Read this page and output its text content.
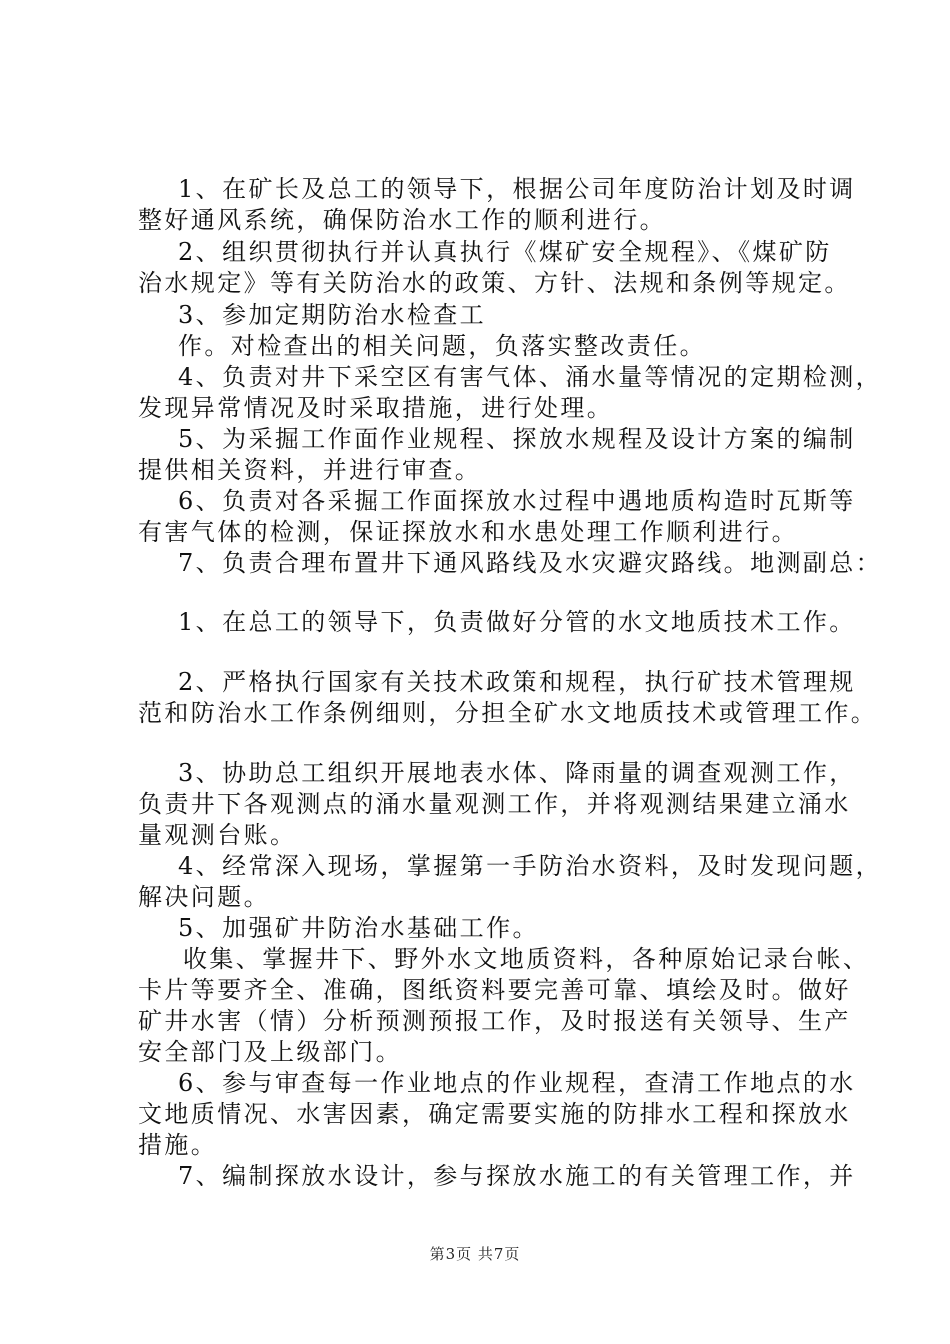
1、在矿长及总工的领导下，根据公司年度防治计划及时调
整好通风系统，确保防治水工作的顺利进行。
2、组织贯彻执行并认真执行《煤矿安全规程》、《煤矿防
治水规定》等有关防治水的政策、方针、法规和条例等规定。
3、参加定期防治水检查工
作。对检查出的相关问题，负落实整改责任。
4、负责对井下采空区有害气体、涌水量等情况的定期检测，
发现异常情况及时采取措施，进行处理。
5、为采掘工作面作业规程、探放水规程及设计方案的编制
提供相关资料，并进行审查。
6、负责对各采掘工作面探放水过程中遇地质构造时瓦斯等
有害气体的检测，保证探放水和水患处理工作顺利进行。
7、负责合理布置井下通风路线及水灾避灾路线。地测副总：
1、在总工的领导下，负责做好分管的水文地质技术工作。
2、严格执行国家有关技术政策和规程，执行矿技术管理规
范和防治水工作条例细则，分担全矿水文地质技术或管理工作。
3、协助总工组织开展地表水体、降雨量的调查观测工作，
负责井下各观测点的涌水量观测工作，并将观测结果建立涌水
量观测台账。
4、经常深入现场，掌握第一手防治水资料，及时发现问题，
解决问题。
5、加强矿井防治水基础工作。
收集、掌握井下、野外水文地质资料，各种原始记录台帐、
卡片等要齐全、准确，图纸资料要完善可靠、填绘及时。做好
矿井水害（情）分析预测预报工作，及时报送有关领导、生产
安全部门及上级部门。
6、参与审查每一作业地点的作业规程，查清工作地点的水
文地质情况、水害因素，确定需要实施的防排水工程和探放水
措施。
7、编制探放水设计，参与探放水施工的有关管理工作，并
第3页 共7页
